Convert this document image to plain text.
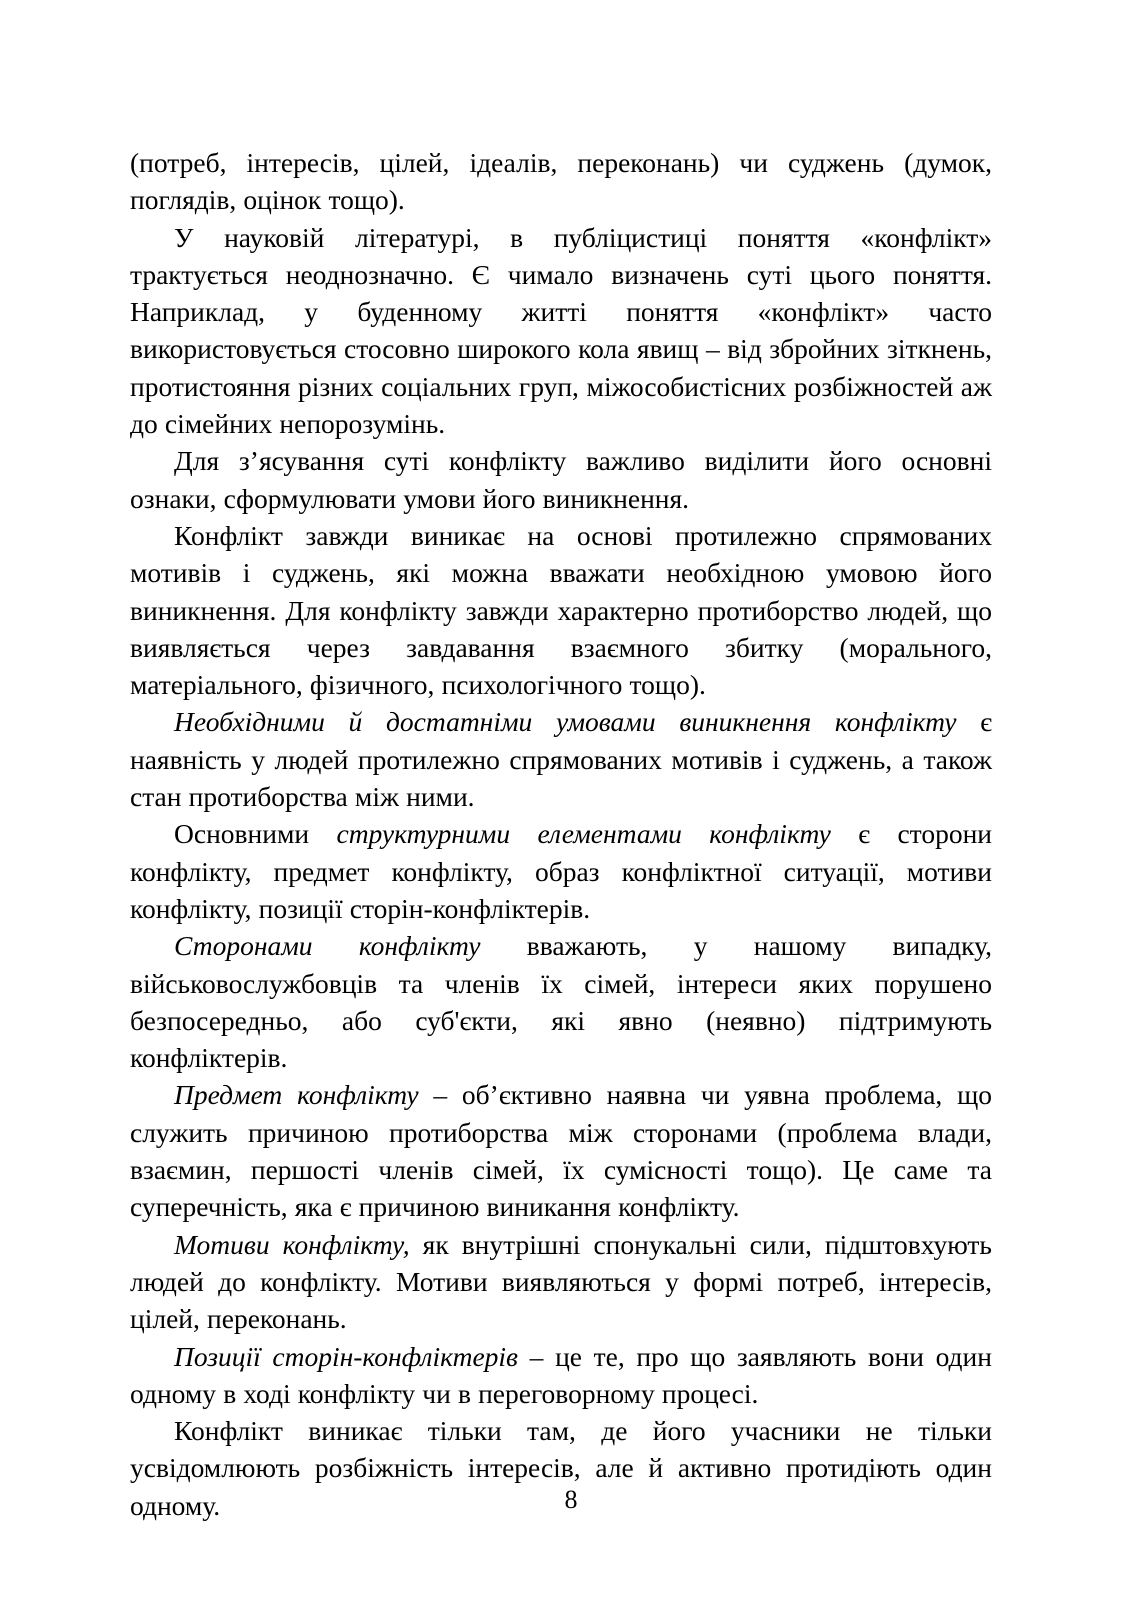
(потреб, інтересів, цілей, ідеалів, переконань) чи суджень (думок, поглядів, оцінок тощо).

У науковій літературі, в публіцистиці поняття «конфлікт» трактується неоднозначно. Є чимало визначень суті цього поняття. Наприклад, у буденному житті поняття «конфлікт» часто використовується стосовно широкого кола явищ – від збройних зіткнень, протистояння різних соціальних груп, міжособистісних розбіжностей аж до сімейних непорозумінь.

Для з’ясування суті конфлікту важливо виділити його основні ознаки, сформулювати умови його виникнення.

Конфлікт завжди виникає на основі протилежно спрямованих мотивів і суджень, які можна вважати необхідною умовою його виникнення. Для конфлікту завжди характерно протиборство людей, що виявляється через завдавання взаємного збитку (морального, матеріального, фізичного, психологічного тощо).

Необхідними й достатніми умовами виникнення конфлікту є наявність у людей протилежно спрямованих мотивів і суджень, а також стан протиборства між ними.

Основними структурними елементами конфлікту є сторони конфлікту, предмет конфлікту, образ конфліктної ситуації, мотиви конфлікту, позиції сторін-конфліктерів.

Сторонами конфлікту вважають, у нашому випадку, військовослужбовців та членів їх сімей, інтереси яких порушено безпосередньо, або суб'єкти, які явно (неявно) підтримують конфліктерів.

Предмет конфлікту – об’єктивно наявна чи уявна проблема, що служить причиною протиборства між сторонами (проблема влади, взаємин, першості членів сімей, їх сумісності тощо). Це саме та суперечність, яка є причиною виникання конфлікту.

Мотиви конфлікту, як внутрішні спонукальні сили, підштовхують людей до конфлікту. Мотиви виявляються у формі потреб, інтересів, цілей, переконань.

Позиції сторін-конфліктерів – це те, про що заявляють вони один одному в ході конфлікту чи в переговорному процесі.

Конфлікт виникає тільки там, де його учасники не тільки усвідомлюють розбіжність інтересів, але й активно протидіють один одному.	8
